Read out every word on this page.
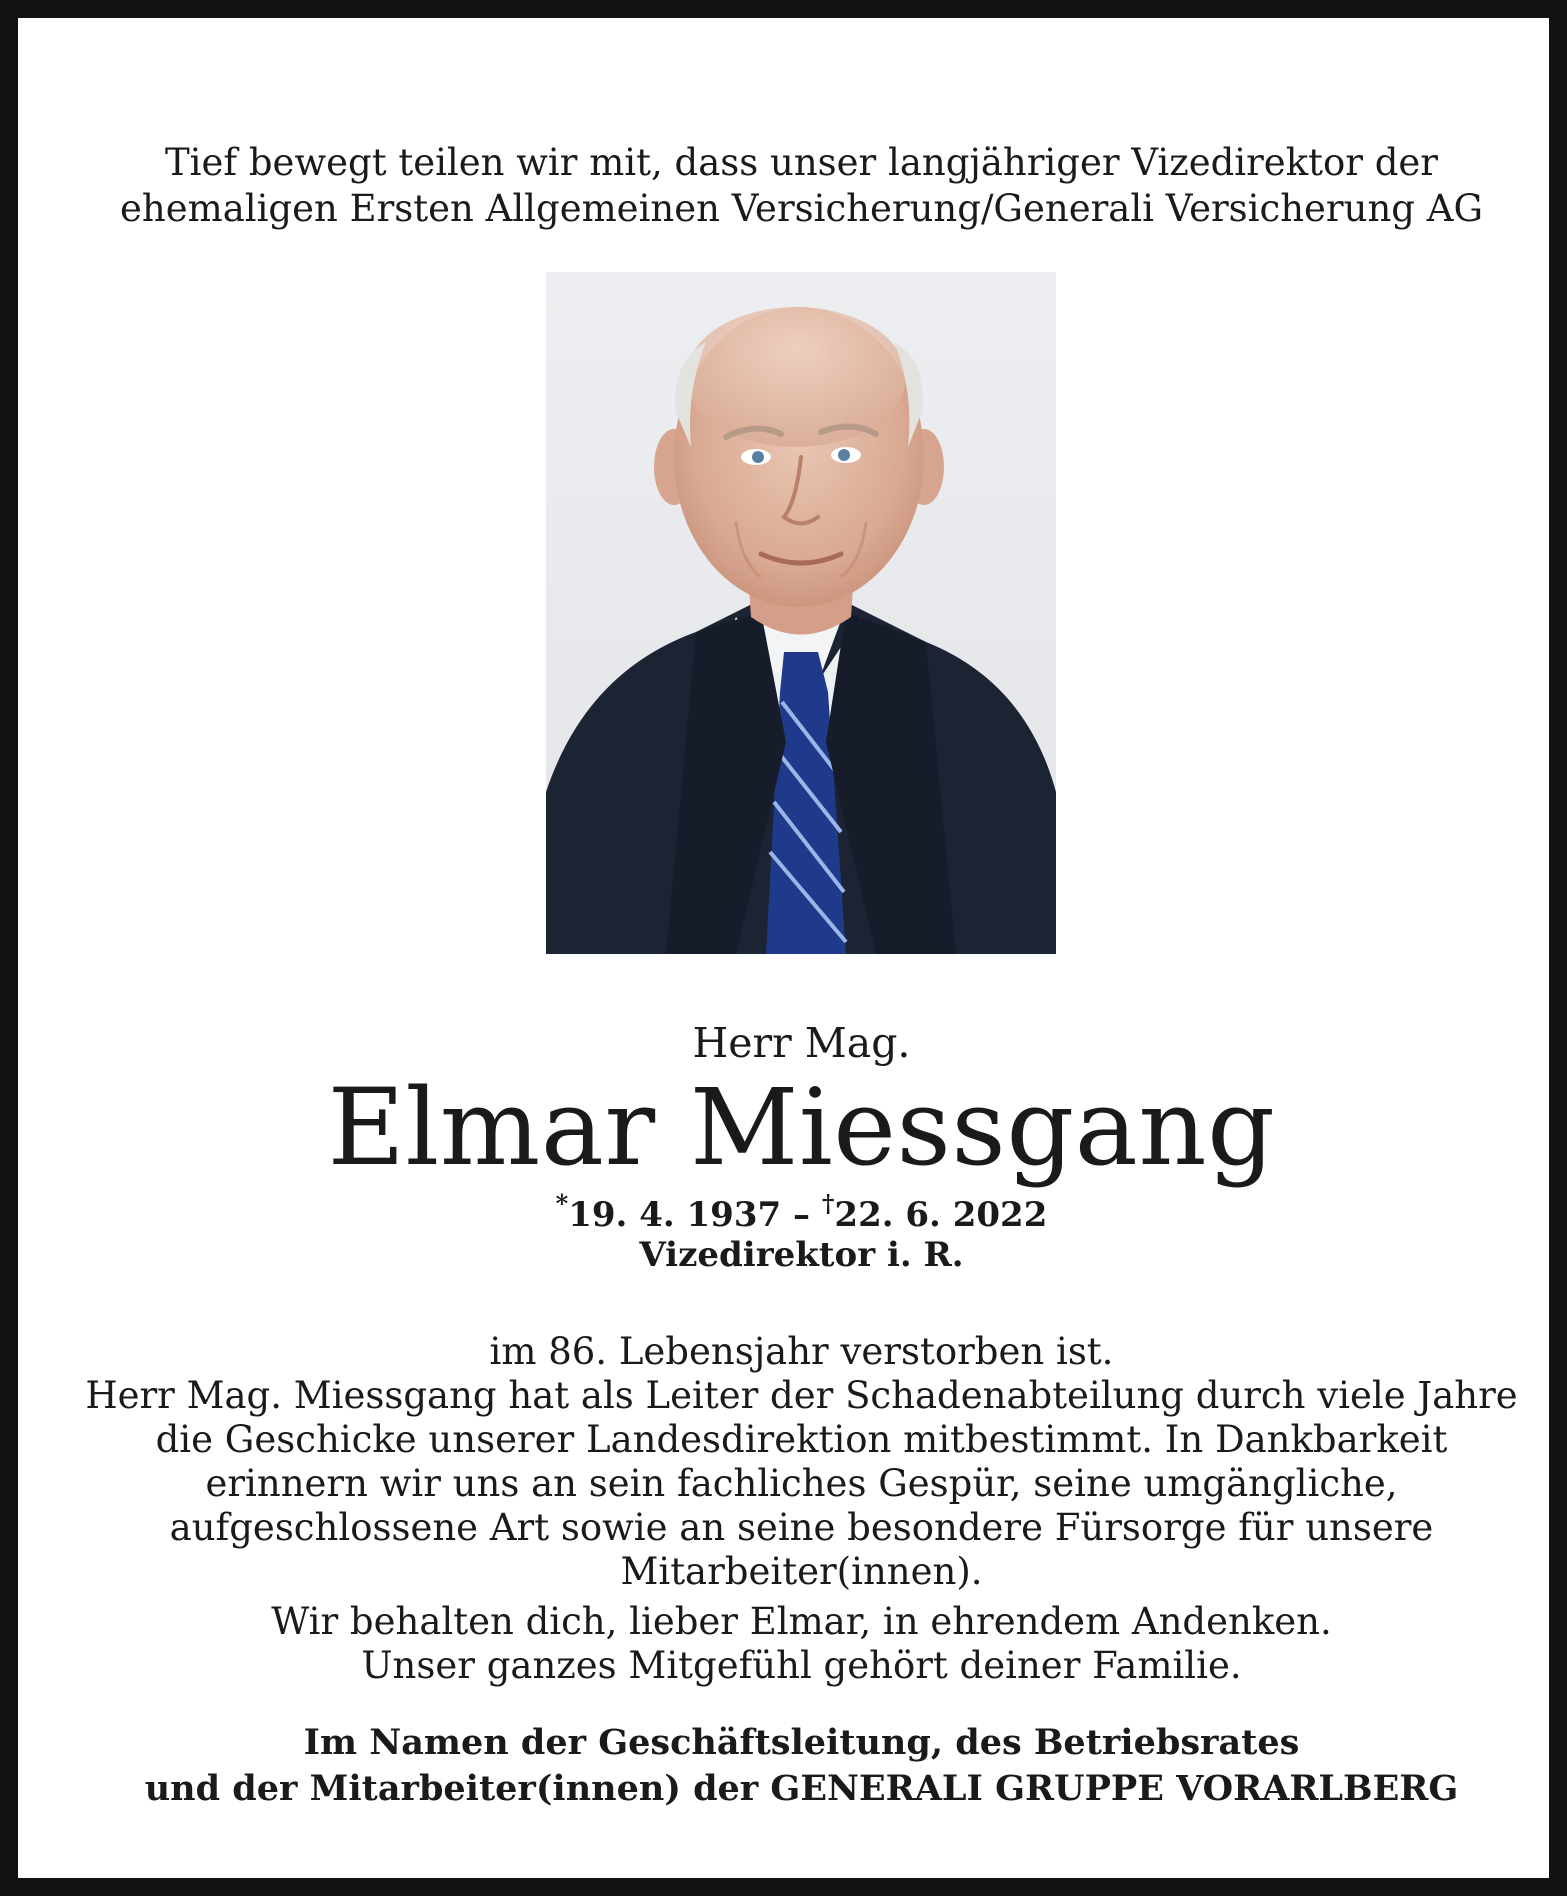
Tief bewegt teilen wir mit, dass unser langjähriger Vizedirektor der
ehemaligen Ersten Allgemeinen Versicherung/Generali Versicherung AG
Herr Mag.
Elmar Miessgang
*19. 4. 1937 – †22. 6. 2022
Vizedirektor i. R.
im 86. Lebensjahr verstorben ist.
Herr Mag. Miessgang hat als Leiter der Schadenabteilung durch viele Jahre
die Geschicke unserer Landesdirektion mitbestimmt. In Dankbarkeit
erinnern wir uns an sein fachliches Gespür, seine umgängliche,
aufgeschlossene Art sowie an seine besondere Fürsorge für unsere
Mitarbeiter(innen).
Wir behalten dich, lieber Elmar, in ehrendem Andenken.
Unser ganzes Mitgefühl gehört deiner Familie.
Im Namen der Geschäftsleitung, des Betriebsrates
und der Mitarbeiter(innen) der GENERALI GRUPPE VORARLBERG
